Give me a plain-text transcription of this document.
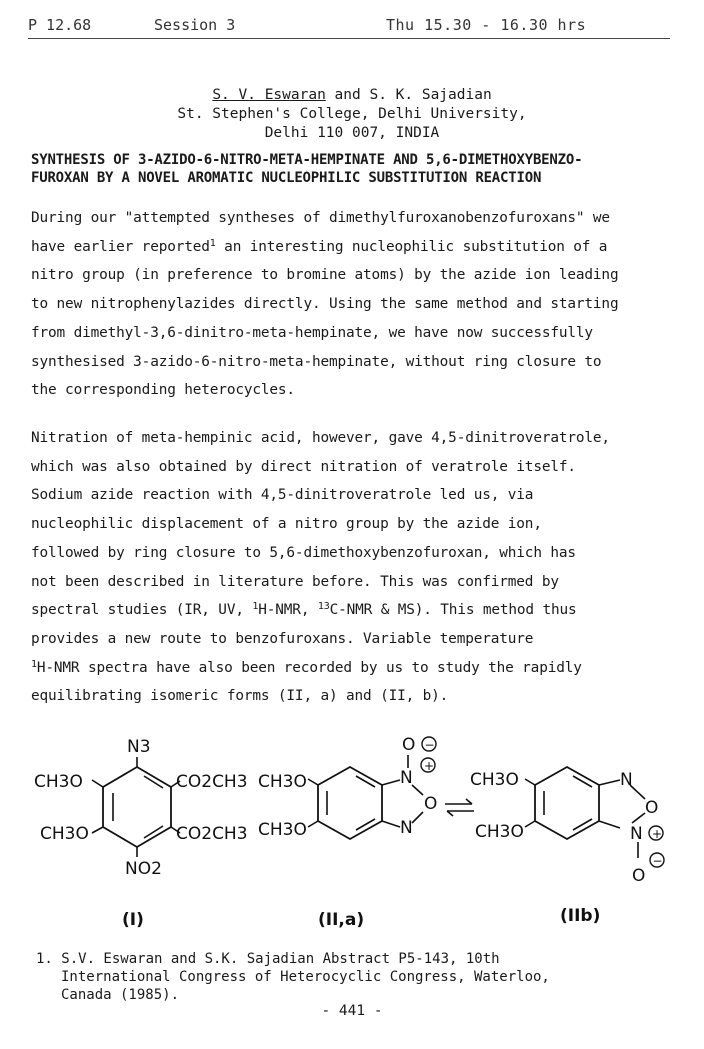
P 12.68	Session 3	Thu 15.30 - 16.30 hrs
S. V. Eswaran and S. K. Sajadian
St. Stephen's College, Delhi University,
Delhi 110 007, INDIA
SYNTHESIS OF 3-AZIDO-6-NITRO-META-HEMPINATE AND 5,6-DIMETHOXYBENZO-
FUROXAN BY A NOVEL AROMATIC NUCLEOPHILIC SUBSTITUTION REACTION
During our "attempted syntheses of dimethylfuroxanobenzofuroxans" we
have earlier reported$^1$ an interesting nucleophilic substitution of a
nitro group (in preference to bromine atoms) by the azide ion leading
to new nitrophenylazides directly. Using the same method and starting
from dimethyl-3,6-dinitro-meta-hempinate, we have now successfully
synthesised 3-azido-6-nitro-meta-hempinate, without ring closure to
the corresponding heterocycles.
Nitration of meta-hempinic acid, however, gave 4,5-dinitroveratrole,
which was also obtained by direct nitration of veratrole itself.
Sodium azide reaction with 4,5-dinitroveratrole led us, via
nucleophilic displacement of a nitro group by the azide ion,
followed by ring closure to 5,6-dimethoxybenzofuroxan, which has
not been described in literature before. This was confirmed by
spectral studies (IR, UV, $^1$H-NMR, $^{13}$C-NMR & MS). This method thus
provides a new route to benzofuroxans. Variable temperature
$^1$H-NMR spectra have also been recorded by us to study the rapidly
equilibrating isomeric forms (II, a) and (II, b).
N3
NO2
CH3O
CH3O
CO2CH3
CO2CH3
(I)
CH3O
CH3O
N
N
O
O −
+
(II,a)
CH3O
CH3O
N
N
O
O
+
−
(IIb)
1. S.V. Eswaran and S.K. Sajadian Abstract P5-143, 10th
International Congress of Heterocyclic Congress, Waterloo,
Canada (1985).
- 441 -
